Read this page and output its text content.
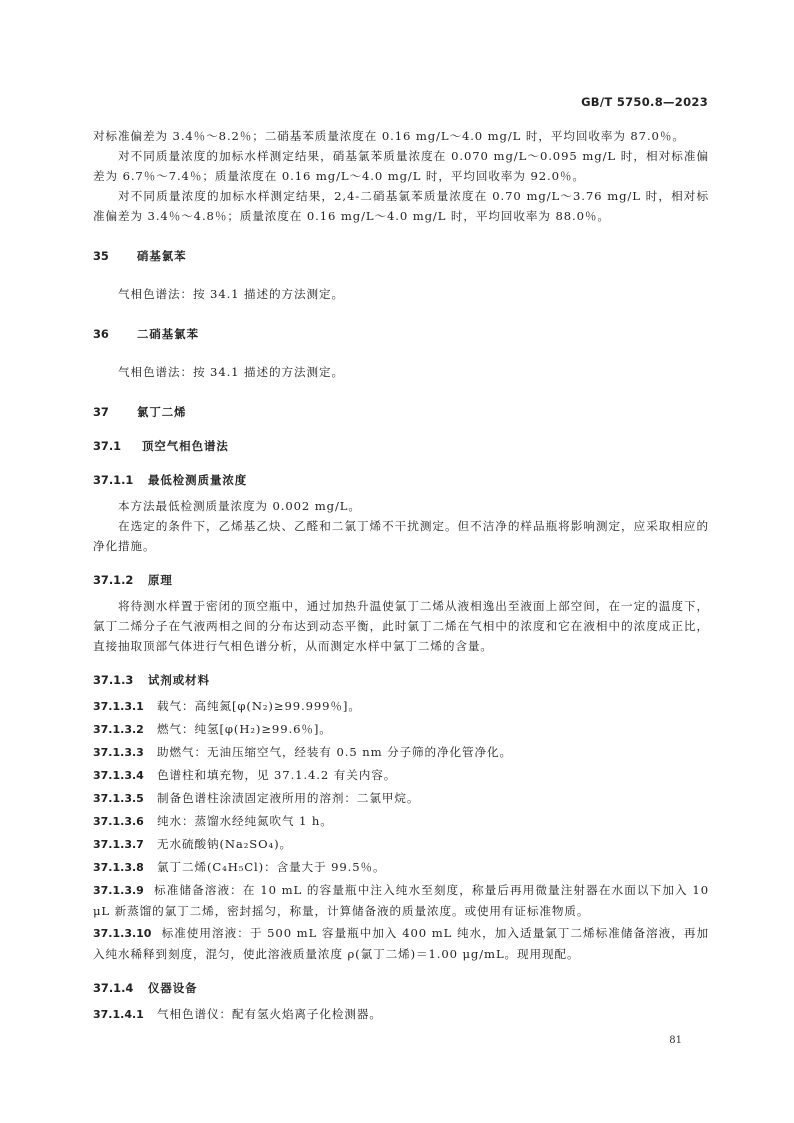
GB/T 5750.8—2023

对标准偏差为 3.4％～8.2％；二硝基苯质量浓度在 0.16 mg/L～4.0 mg/L 时，平均回收率为 87.0％。

对不同质量浓度的加标水样测定结果，硝基氯苯质量浓度在 0.070 mg/L～0.095 mg/L 时，相对标准偏差为 6.7％～7.4％；质量浓度在 0.16 mg/L～4.0 mg/L 时，平均回收率为 92.0％。

对不同质量浓度的加标水样测定结果，2,4-二硝基氯苯质量浓度在 0.70 mg/L～3.76 mg/L 时，相对标准偏差为 3.4％～4.8％；质量浓度在 0.16 mg/L～4.0 mg/L 时，平均回收率为 88.0％。

35 硝基氯苯

气相色谱法：按 34.1 描述的方法测定。

36 二硝基氯苯

气相色谱法：按 34.1 描述的方法测定。

37 氯丁二烯
37.1 顶空气相色谱法
37.1.1 最低检测质量浓度

本方法最低检测质量浓度为 0.002 mg/L。

在选定的条件下，乙烯基乙炔、乙醛和二氯丁烯不干扰测定。但不洁净的样品瓶将影响测定，应采取相应的净化措施。

37.1.2 原理

将待测水样置于密闭的顶空瓶中，通过加热升温使氯丁二烯从液相逸出至液面上部空间，在一定的温度下，氯丁二烯分子在气液两相之间的分布达到动态平衡，此时氯丁二烯在气相中的浓度和它在液相中的浓度成正比，直接抽取顶部气体进行气相色谱分析，从而测定水样中氯丁二烯的含量。

37.1.3 试剂或材料
37.1.3.1 载气：高纯氮[φ(N₂)≥99.999％]。
37.1.3.2 燃气：纯氢[φ(H₂)≥99.6％]。
37.1.3.3 助燃气：无油压缩空气，经装有 0.5 nm 分子筛的净化管净化。
37.1.3.4 色谱柱和填充物，见 37.1.4.2 有关内容。
37.1.3.5 制备色谱柱涂渍固定液所用的溶剂：二氯甲烷。
37.1.3.6 纯水：蒸馏水经纯氮吹气 1 h。
37.1.3.7 无水硫酸钠(Na₂SO₄)。
37.1.3.8 氯丁二烯(C₄H₅Cl)：含量大于 99.5％。
37.1.3.9 标准储备溶液：在 10 mL 的容量瓶中注入纯水至刻度，称量后再用微量注射器在水面以下加入 10 μL 新蒸馏的氯丁二烯，密封摇匀，称量，计算储备液的质量浓度。或使用有证标准物质。
37.1.3.10 标准使用溶液：于 500 mL 容量瓶中加入 400 mL 纯水，加入适量氯丁二烯标准储备溶液，再加入纯水稀释到刻度，混匀，使此溶液质量浓度 ρ(氯丁二烯)＝1.00 μg/mL。现用现配。
37.1.4 仪器设备
37.1.4.1 气相色谱仪：配有氢火焰离子化检测器。
81
